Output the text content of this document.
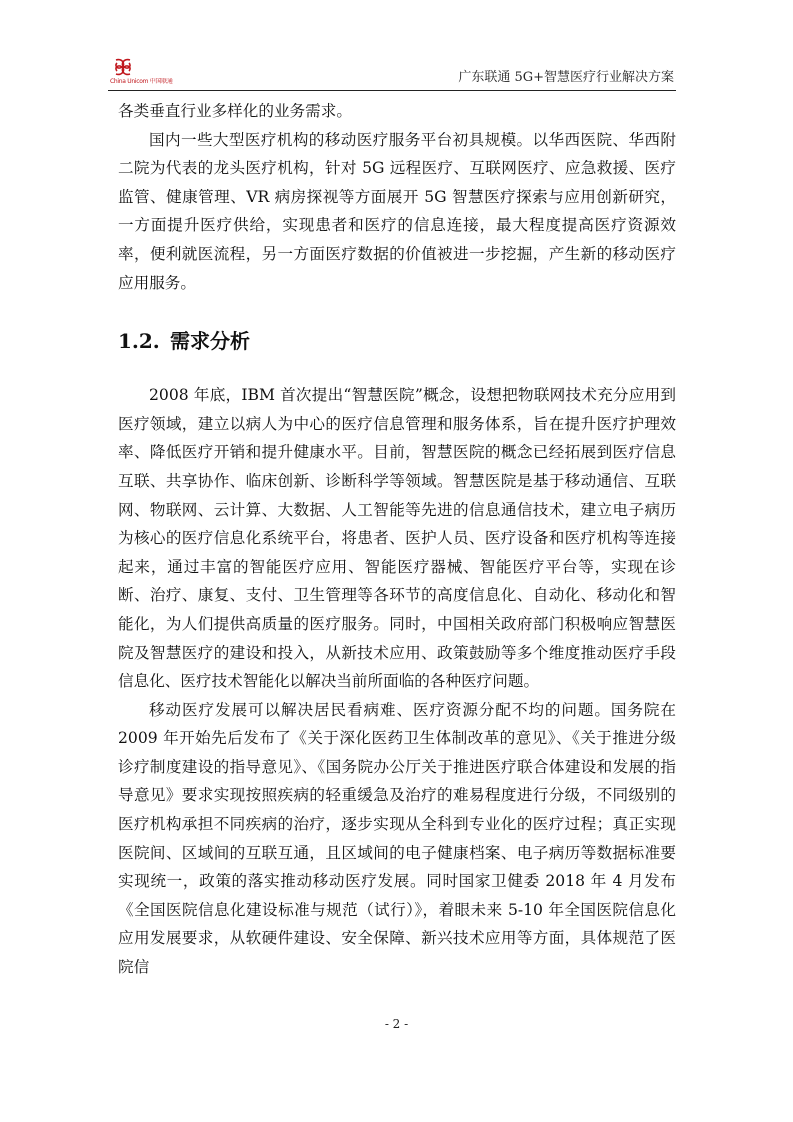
China Unicom 中国联通	广东联通 5G+智慧医疗行业解决方案

各类垂直行业多样化的业务需求。

国内一些大型医疗机构的移动医疗服务平台初具规模。以华西医院、华西附二院为代表的龙头医疗机构，针对 5G 远程医疗、互联网医疗、应急救援、医疗监管、健康管理、VR 病房探视等方面展开 5G 智慧医疗探索与应用创新研究，一方面提升医疗供给，实现患者和医疗的信息连接，最大程度提高医疗资源效率，便利就医流程，另一方面医疗数据的价值被进一步挖掘，产生新的移动医疗应用服务。

1.2. 需求分析

2008 年底，IBM 首次提出“智慧医院”概念，设想把物联网技术充分应用到医疗领域，建立以病人为中心的医疗信息管理和服务体系，旨在提升医疗护理效率、降低医疗开销和提升健康水平。目前，智慧医院的概念已经拓展到医疗信息互联、共享协作、临床创新、诊断科学等领域。智慧医院是基于移动通信、互联网、物联网、云计算、大数据、人工智能等先进的信息通信技术，建立电子病历为核心的医疗信息化系统平台，将患者、医护人员、医疗设备和医疗机构等连接起来，通过丰富的智能医疗应用、智能医疗器械、智能医疗平台等，实现在诊断、治疗、康复、支付、卫生管理等各环节的高度信息化、自动化、移动化和智能化，为人们提供高质量的医疗服务。同时，中国相关政府部门积极响应智慧医院及智慧医疗的建设和投入，从新技术应用、政策鼓励等多个维度推动医疗手段信息化、医疗技术智能化以解决当前所面临的各种医疗问题。

移动医疗发展可以解决居民看病难、医疗资源分配不均的问题。国务院在 2009 年开始先后发布了《关于深化医药卫生体制改革的意见》、《关于推进分级诊疗制度建设的指导意见》、《国务院办公厅关于推进医疗联合体建设和发展的指导意见》要求实现按照疾病的轻重缓急及治疗的难易程度进行分级，不同级别的医疗机构承担不同疾病的治疗，逐步实现从全科到专业化的医疗过程；真正实现医院间、区域间的互联互通，且区域间的电子健康档案、电子病历等数据标准要实现统一，政策的落实推动移动医疗发展。同时国家卫健委 2018 年 4 月发布《全国医院信息化建设标准与规范（试行）》，着眼未来 5-10 年全国医院信息化应用发展要求，从软硬件建设、安全保障、新兴技术应用等方面，具体规范了医院信

- 2 -
